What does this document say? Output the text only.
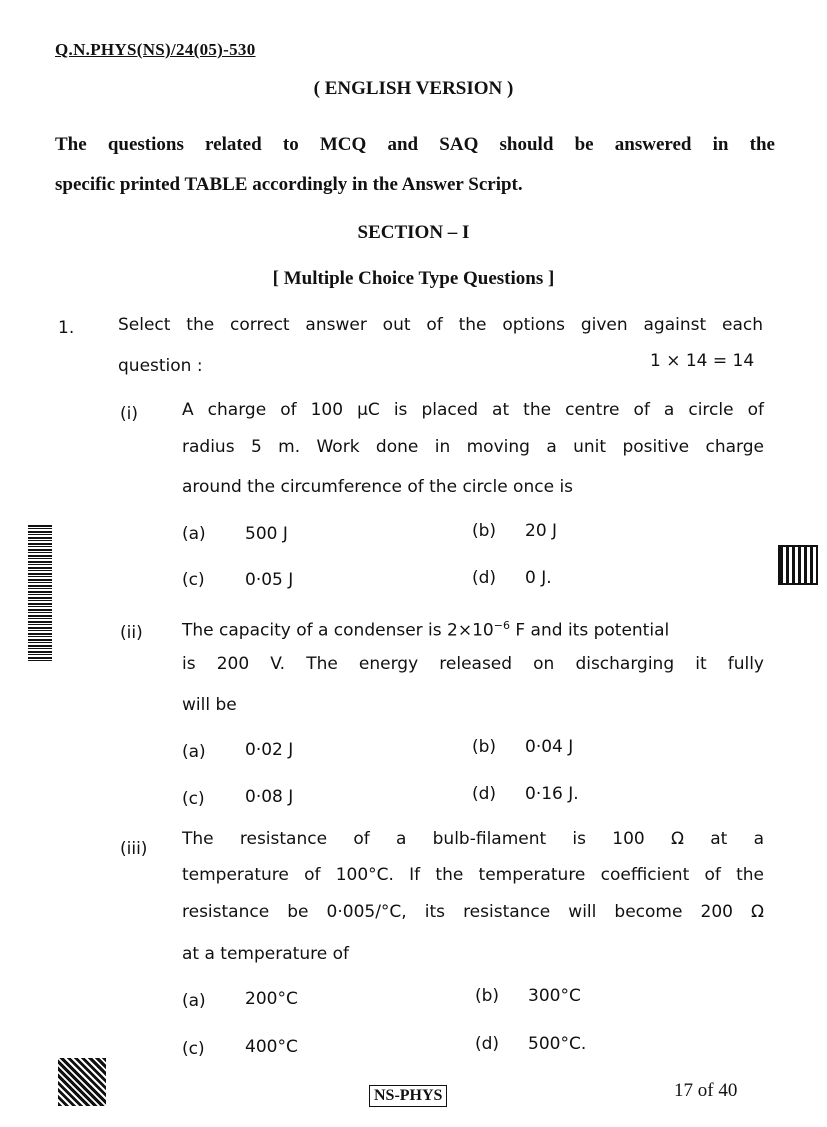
Q.N.PHYS(NS)/24(05)-530
( ENGLISH VERSION )
The questions related to MCQ and SAQ should be answered in the
specific printed TABLE accordingly in the Answer Script.
SECTION – I
[ Multiple Choice Type Questions ]
1.	Select the correct answer out of the options given against each
question :	1 × 14 = 14
(i)	A charge of 100 μC is placed at the centre of a circle of
radius 5 m. Work done in moving a unit positive charge
around the circumference of the circle once is
(a) 500 J	(b) 20 J
(c) 0·05 J	(d) 0 J.
(ii) The capacity of a condenser is $2\times 10^{-6}$ F and its potential
is 200 V. The energy released on discharging it fully
will be
(a) 0·02 J	(b) 0·04 J
(c) 0·08 J	(d) 0·16 J.
(iii) The resistance of a bulb-filament is 100 Ω at a
temperature of 100°C. If the temperature coefficient of the
resistance be 0·005/°C, its resistance will become 200 Ω
at a temperature of
(a) 200°C	(b) 300°C
(c) 400°C	(d) 500°C.
NS-PHYS	17 of 40
